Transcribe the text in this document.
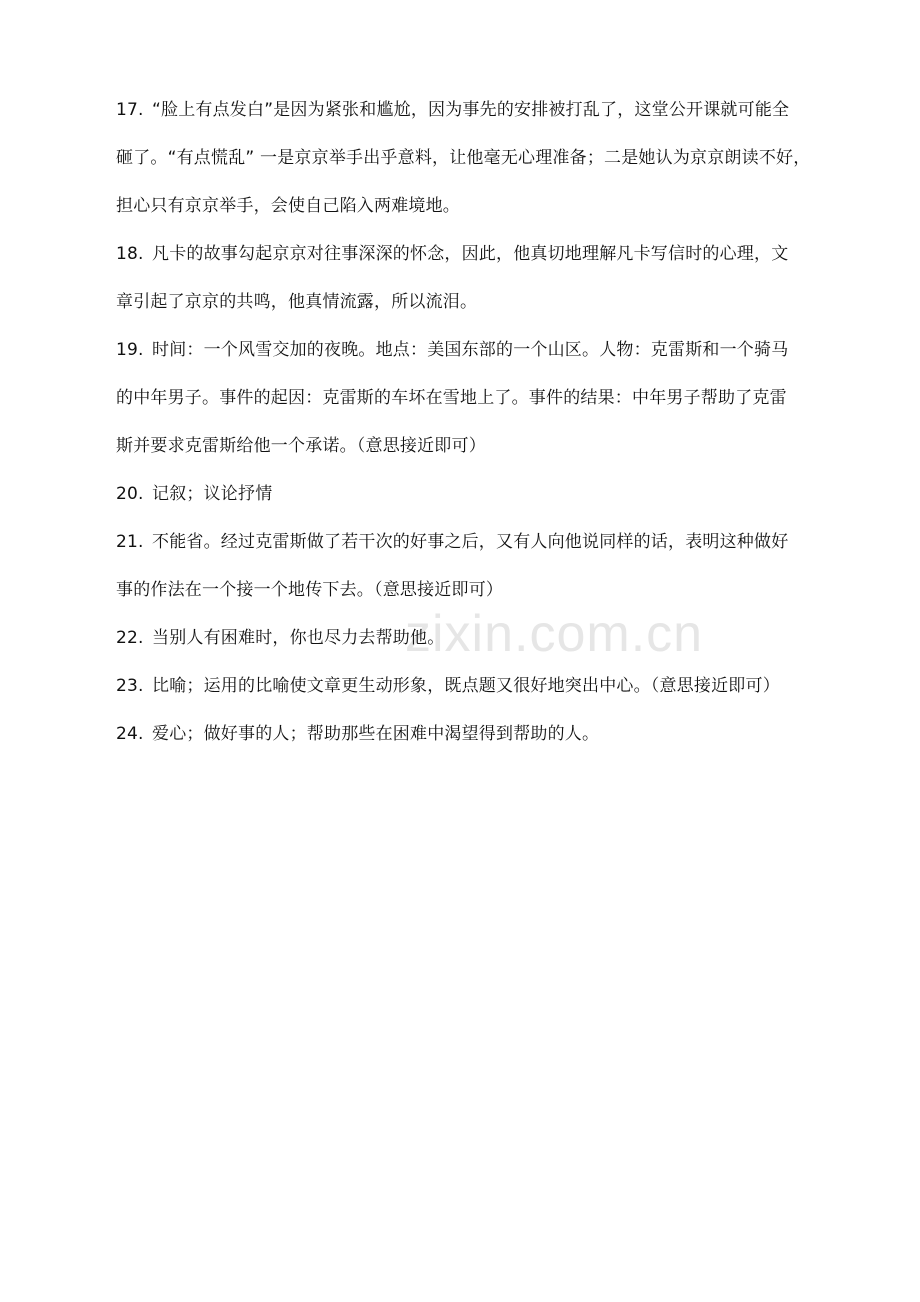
zixin.com.cn
17. “脸上有点发白”是因为紧张和尴尬，因为事先的安排被打乱了，这堂公开课就可能全
砸了。“有点慌乱” 一是京京举手出乎意料，让他毫无心理准备；二是她认为京京朗读不好，
担心只有京京举手，会使自己陷入两难境地。
18. 凡卡的故事勾起京京对往事深深的怀念，因此，他真切地理解凡卡写信时的心理，文
章引起了京京的共鸣，他真情流露，所以流泪。
19. 时间：一个风雪交加的夜晚。地点：美国东部的一个山区。人物：克雷斯和一个骑马
的中年男子。事件的起因：克雷斯的车坏在雪地上了。事件的结果：中年男子帮助了克雷
斯并要求克雷斯给他一个承诺。（意思接近即可）
20. 记叙；议论抒情
21. 不能省。经过克雷斯做了若干次的好事之后，又有人向他说同样的话，表明这种做好
事的作法在一个接一个地传下去。（意思接近即可）
22. 当别人有困难时，你也尽力去帮助他。
23. 比喻；运用的比喻使文章更生动形象，既点题又很好地突出中心。（意思接近即可）
24. 爱心；做好事的人；帮助那些在困难中渴望得到帮助的人。
